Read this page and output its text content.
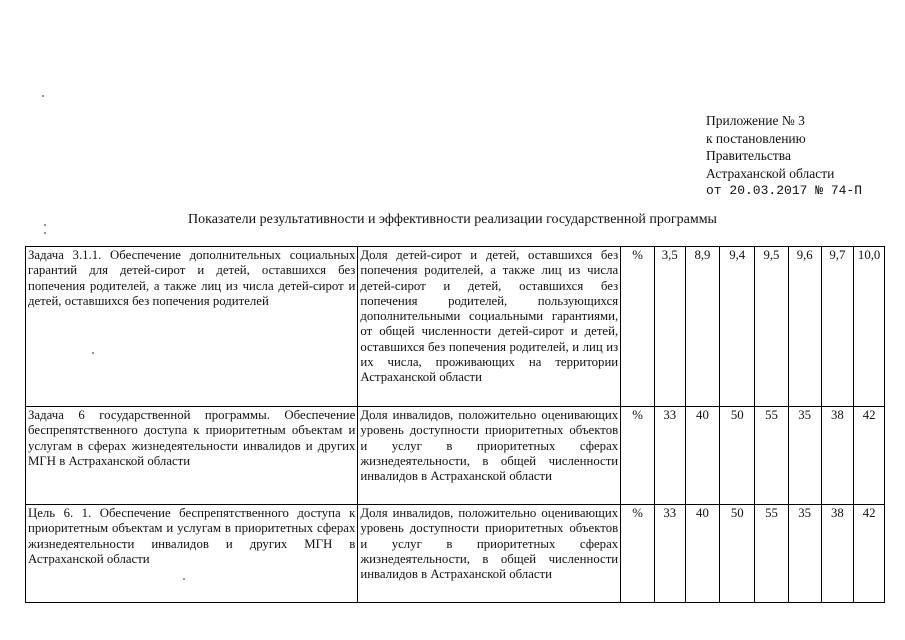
Приложение № 3
к постановлению
Правительства
Астраханской области
от 20.03.2017 № 74-П
Показатели результативности и эффективности реализации государственной программы
Задача 3.1.1. Обеспечение дополнительных социальных гарантий для детей-сирот и детей, оставшихся без попечения родителей, а также лиц из числа детей-сирот и детей, оставшихся без попечения родителей	Доля детей-сирот и детей, оставшихся без попечения родителей, а также лиц из числа детей-сирот и детей, оставшихся без попечения родителей, пользующихся дополнительными социальными гарантиями, от общей численности детей-сирот и детей, оставшихся без попечения родителей, и лиц из их числа, проживающих на территории Астраханской области	%	3,5	8,9	9,4	9,5	9,6	9,7	10,0
Задача 6 государственной программы. Обеспечение беспрепятственного доступа к приоритетным объектам и услугам в сферах жизнедеятельности инвалидов и других МГН в Астраханской области	Доля инвалидов, положительно оценивающих уровень доступности приоритетных объектов и услуг в приоритетных сферах жизнедеятельности, в общей численности инвалидов в Астраханской области	%	33	40	50	55	35	38	42
Цель 6. 1. Обеспечение беспрепятственного доступа к приоритетным объектам и услугам в приоритетных сферах жизнедеятельности инвалидов и других МГН в Астраханской области	Доля инвалидов, положительно оценивающих уровень доступности приоритетных объектов и услуг в приоритетных сферах жизнедеятельности, в общей численности инвалидов в Астраханской области	%	33	40	50	55	35	38	42
